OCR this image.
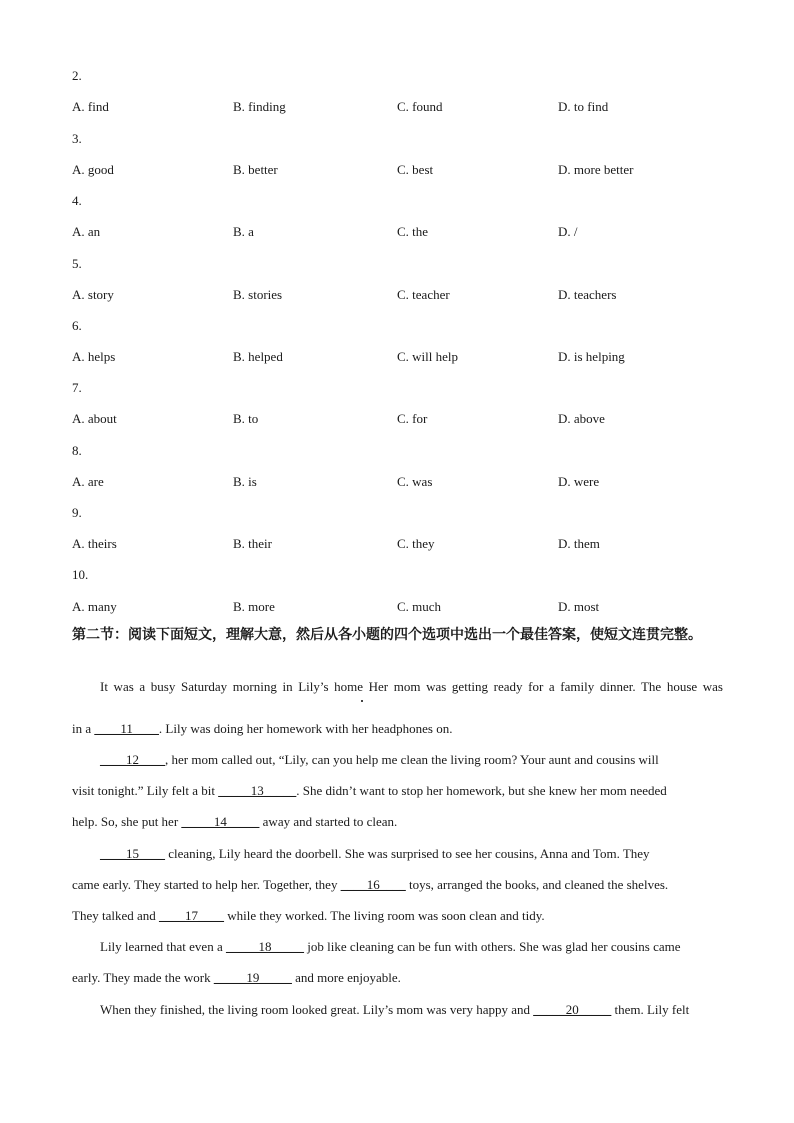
2.
A. find	B. finding	C. found	D. to find
3.
A. good	B. better	C. best	D. more better
4.
A. an	B. a	C. the	D. /
5.
A. story	B. stories	C. teacher	D. teachers
6.
A. helps	B. helped	C. will help	D. is helping
7.
A. about	B. to	C. for	D. above
8.
A. are	B. is	C. was	D. were
9.
A. theirs	B. their	C. they	D. them
10.
A. many	B. more	C. much	D. most
第二节：阅读下面短文，理解大意，然后从各小题的四个选项中选出一个最佳答案，使短文连贯完整。
It was a busy Saturday morning in Lily’s home Her mom was getting ready for a family dinner. The house was
in a ____11____. Lily was doing her homework with her headphones on.
____12____, her mom called out, “Lily, can you help me clean the living room? Your aunt and cousins will
visit tonight.” Lily felt a bit _____13_____. She didn’t want to stop her homework, but she knew her mom needed
help. So, she put her _____14_____ away and started to clean.
____15____ cleaning, Lily heard the doorbell. She was surprised to see her cousins, Anna and Tom. They
came early. They started to help her. Together, they ____16____ toys, arranged the books, and cleaned the shelves.
They talked and ____17____ while they worked. The living room was soon clean and tidy.
Lily learned that even a _____18_____ job like cleaning can be fun with others. She was glad her cousins came
early. They made the work _____19_____ and more enjoyable.
When they finished, the living room looked great. Lily’s mom was very happy and _____20_____ them. Lily felt
